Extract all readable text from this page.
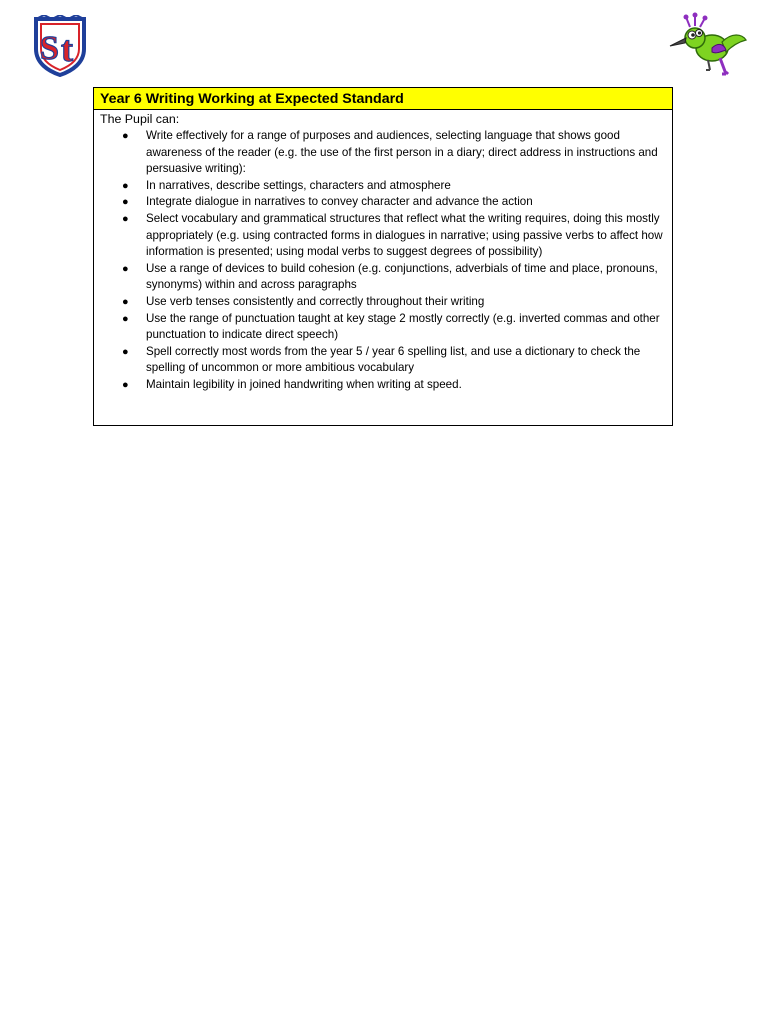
S t
Year 6 Writing Working at Expected Standard
The Pupil can:
● Write effectively for a range of purposes and audiences, selecting language that shows good awareness of the reader (e.g. the use of the first person in a diary; direct address in instructions and persuasive writing):
● In narratives, describe settings, characters and atmosphere
● Integrate dialogue in narratives to convey character and advance the action
● Select vocabulary and grammatical structures that reflect what the writing requires, doing this mostly appropriately (e.g. using contracted forms in dialogues in narrative; using passive verbs to affect how information is presented; using modal verbs to suggest degrees of possibility)
● Use a range of devices to build cohesion (e.g. conjunctions, adverbials of time and place, pronouns, synonyms) within and across paragraphs
● Use verb tenses consistently and correctly throughout their writing
● Use the range of punctuation taught at key stage 2 mostly correctly (e.g. inverted commas and other punctuation to indicate direct speech)
● Spell correctly most words from the year 5 / year 6 spelling list, and use a dictionary to check the spelling of uncommon or more ambitious vocabulary
● Maintain legibility in joined handwriting when writing at speed.
